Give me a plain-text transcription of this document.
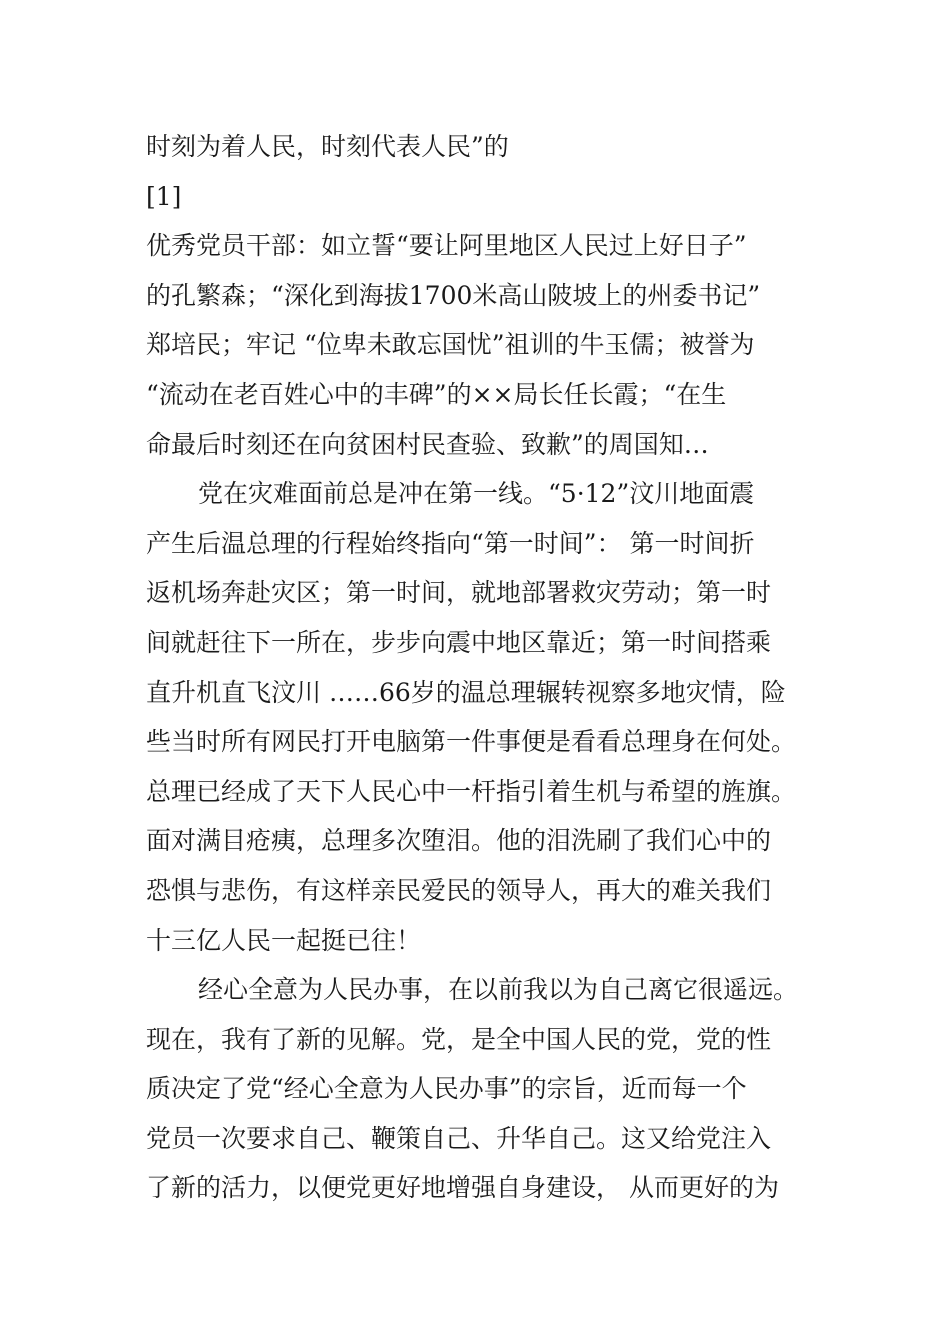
时刻为着人民，时刻代表人民”的
[1]
优秀党员干部：如立誓“要让阿里地区人民过上好日子”
的孔繁森；“深化到海拔1700米高山陂坡上的州委书记”
郑培民；牢记 “位卑未敢忘国忧”祖训的牛玉儒；被誉为
“流动在老百姓心中的丰碑”的××局长任长霞；“在生
命最后时刻还在向贫困村民查验、致歉”的周国知…
党在灾难面前总是冲在第一线。“5·12”汶川地面震
产生后温总理的行程始终指向“第一时间”： 第一时间折
返机场奔赴灾区；第一时间，就地部署救灾劳动；第一时
间就赶往下一所在，步步向震中地区靠近；第一时间搭乘
直升机直飞汶川 ……66岁的温总理辗转视察多地灾情，险
些当时所有网民打开电脑第一件事便是看看总理身在何处。
总理已经成了天下人民心中一杆指引着生机与希望的旌旗。
面对满目疮痍，总理多次堕泪。他的泪洗刷了我们心中的
恐惧与悲伤，有这样亲民爱民的领导人，再大的难关我们
十三亿人民一起挺已往！
经心全意为人民办事，在以前我以为自己离它很遥远。
现在，我有了新的见解。党，是全中国人民的党，党的性
质决定了党“经心全意为人民办事”的宗旨，近而每一个
党员一次要求自己、鞭策自己、升华自己。这又给党注入
了新的活力，以便党更好地增强自身建设， 从而更好的为
